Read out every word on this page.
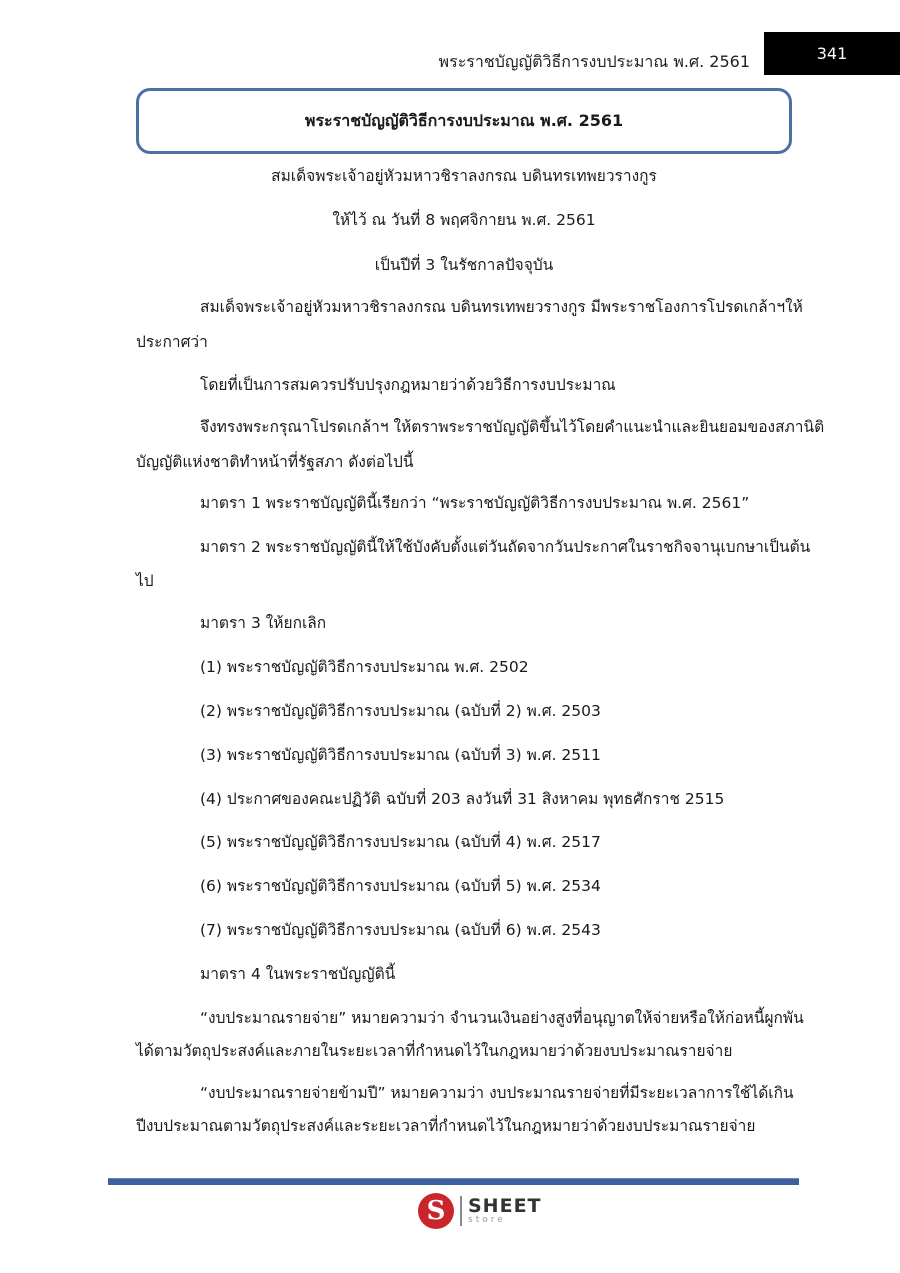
พระราชบัญญัติวิธีการงบประมาณ พ.ศ. 2561	341
พระราชบัญญัติวิธีการงบประมาณ พ.ศ. 2561
สมเด็จพระเจ้าอยู่หัวมหาวชิราลงกรณ บดินทรเทพยวรางกูร
ให้ไว้ ณ วันที่ 8 พฤศจิกายน พ.ศ. 2561
เป็นปีที่ 3 ในรัชกาลปัจจุบัน
สมเด็จพระเจ้าอยู่หัวมหาวชิราลงกรณ บดินทรเทพยวรางกูร มีพระราชโองการโปรดเกล้าฯให้
ประกาศว่า
โดยที่เป็นการสมควรปรับปรุงกฎหมายว่าด้วยวิธีการงบประมาณ
จึงทรงพระกรุณาโปรดเกล้าฯ ให้ตราพระราชบัญญัติขึ้นไว้โดยคำแนะนำและยินยอมของสภานิติ
บัญญัติแห่งชาติทำหน้าที่รัฐสภา ดังต่อไปนี้
มาตรา 1 พระราชบัญญัตินี้เรียกว่า “พระราชบัญญัติวิธีการงบประมาณ พ.ศ. 2561”
มาตรา 2 พระราชบัญญัตินี้ให้ใช้บังคับตั้งแต่วันถัดจากวันประกาศในราชกิจจานุเบกษาเป็นต้น
ไป
มาตรา 3 ให้ยกเลิก
(1) พระราชบัญญัติวิธีการงบประมาณ พ.ศ. 2502
(2) พระราชบัญญัติวิธีการงบประมาณ (ฉบับที่ 2) พ.ศ. 2503
(3) พระราชบัญญัติวิธีการงบประมาณ (ฉบับที่ 3) พ.ศ. 2511
(4) ประกาศของคณะปฏิวัติ ฉบับที่ 203 ลงวันที่ 31 สิงหาคม พุทธศักราช 2515
(5) พระราชบัญญัติวิธีการงบประมาณ (ฉบับที่ 4) พ.ศ. 2517
(6) พระราชบัญญัติวิธีการงบประมาณ (ฉบับที่ 5) พ.ศ. 2534
(7) พระราชบัญญัติวิธีการงบประมาณ (ฉบับที่ 6) พ.ศ. 2543
มาตรา 4 ในพระราชบัญญัตินี้
“งบประมาณรายจ่าย” หมายความว่า จำนวนเงินอย่างสูงที่อนุญาตให้จ่ายหรือให้ก่อหนี้ผูกพัน
ได้ตามวัตถุประสงค์และภายในระยะเวลาที่กำหนดไว้ในกฎหมายว่าด้วยงบประมาณรายจ่าย
“งบประมาณรายจ่ายข้ามปี” หมายความว่า งบประมาณรายจ่ายที่มีระยะเวลาการใช้ได้เกิน
ปีงบประมาณตามวัตถุประสงค์และระยะเวลาที่กำหนดไว้ในกฎหมายว่าด้วยงบประมาณรายจ่าย
S	SHEET
store
